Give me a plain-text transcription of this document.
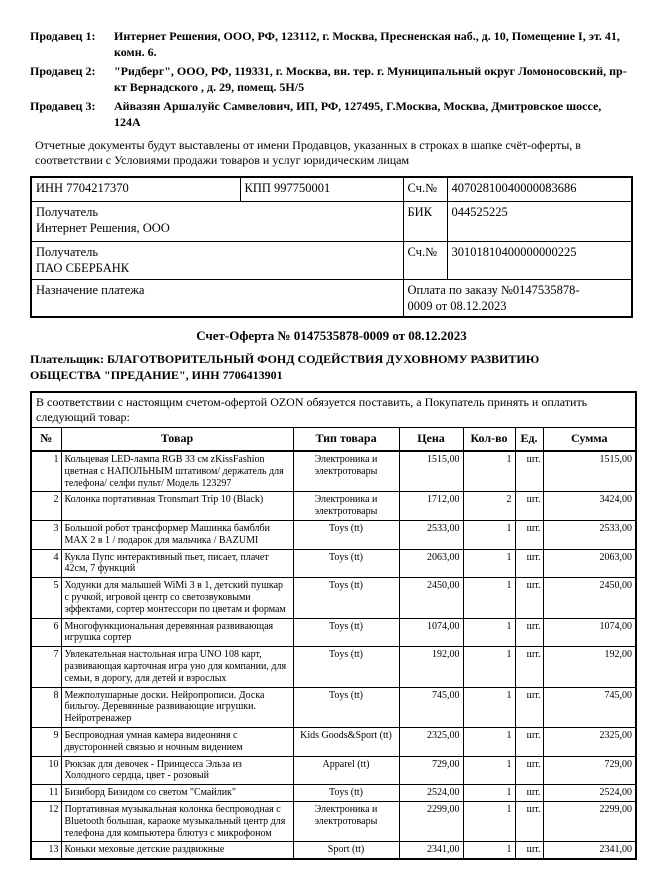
Продавец 1:	Интернет Решения, ООО, РФ, 123112, г. Москва, Пресненская наб., д. 10, Помещение I, эт. 41, комн. 6.
Продавец 2:	"Ридберг", ООО, РФ, 119331, г. Москва, вн. тер. г. Муниципальный округ Ломоносовский, пр-кт Вернадского , д. 29, помещ. 5Н/5
Продавец 3:	Айвазян Аршалуйс Самвелович, ИП, РФ, 127495, Г.Москва, Москва, Дмитровское шоссе, 124А

Отчетные документы будут выставлены от имени Продавцов, указанных в строках в шапке счёт-оферты, в соответствии с Условиями продажи товаров и услуг юридическим лицам

ИНН 7704217370	КПП 997750001	Сч.№	40702810040000083686

Получатель
Интернет Решения, ООО		БИК	044525225

Получатель
ПАО СБЕРБАНК		Сч.№	30101810400000000225
Назначение платежа		Оплата по заказу №0147535878-0009 от 08.12.2023	
Счет-Оферта № 0147535878-0009 от 08.12.2023

Плательщик: БЛАГОТВОРИТЕЛЬНЫЙ ФОНД СОДЕЙСТВИЯ ДУХОВНОМУ РАЗВИТИЮ ОБЩЕСТВА "ПРЕДАНИЕ", ИНН 7706413901

В соответствии с настоящим счетом-офертой OZON обязуется поставить, а Покупатель принять и оплатить следующий товар:						
№	Товар	Тип товара	Цена	Кол-во	Ед.	Сумма
1	Кольцевая LED-лампа RGB 33 см zKissFashion цветная с НАПОЛЬНЫМ штативом/ держатель для телефона/ селфи пульт/ Модель 123297	Электроника и электротовары	1515,00	1	шт.	1515,00
2	Колонка портативная Tronsmart Trip 10 (Black)	Электроника и электротовары	1712,00	2	шт.	3424,00
3	Большой робот трансформер Машинка бамблби MAX 2 в 1 / подарок для мальчика / BAZUMI	Toys (tt)	2533,00	1	шт.	2533,00
4	Кукла Пупс интерактивный пьет, писает, плачет 42см, 7 функций	Toys (tt)	2063,00	1	шт.	2063,00
5	Ходунки для малышей WiMi 3 в 1, детский пушкар с ручкой, игровой центр со светозвуковыми эффектами, сортер монтессори по цветам и формам	Toys (tt)	2450,00	1	шт.	2450,00
6	Многофункциональная деревянная развивающая игрушка сортер	Toys (tt)	1074,00	1	шт.	1074,00
7	Увлекательная настольная игра UNO 108 карт, развивающая карточная игра уно для компании, для семьи, в дорогу, для детей и взрослых	Toys (tt)	192,00	1	шт.	192,00
8	Межполушарные доски. Нейропрописи. Доска бильгоу. Деревянные развивающие игрушки. Нейротренажер	Toys (tt)	745,00	1	шт.	745,00
9	Беспроводная умная камера видеоняня с двусторонней связью и ночным видением	Kids Goods&Sport (tt)	2325,00	1	шт.	2325,00
10	Рюкзак для девочек - Принцесса Эльза из Холодного сердца, цвет - розовый	Apparel (tt)	729,00	1	шт.	729,00
11	Бизиборд Бизидом со светом "Смайлик"	Toys (tt)	2524,00	1	шт.	2524,00
12	Портативная музыкальная колонка беспроводная с Bluetooth большая, караоке музыкальный центр для телефона для компьютера блютуз с микрофоном	Электроника и электротовары	2299,00	1	шт.	2299,00
13	Коньки меховые детские раздвижные	Sport (tt)	2341,00	1	шт.	2341,00
